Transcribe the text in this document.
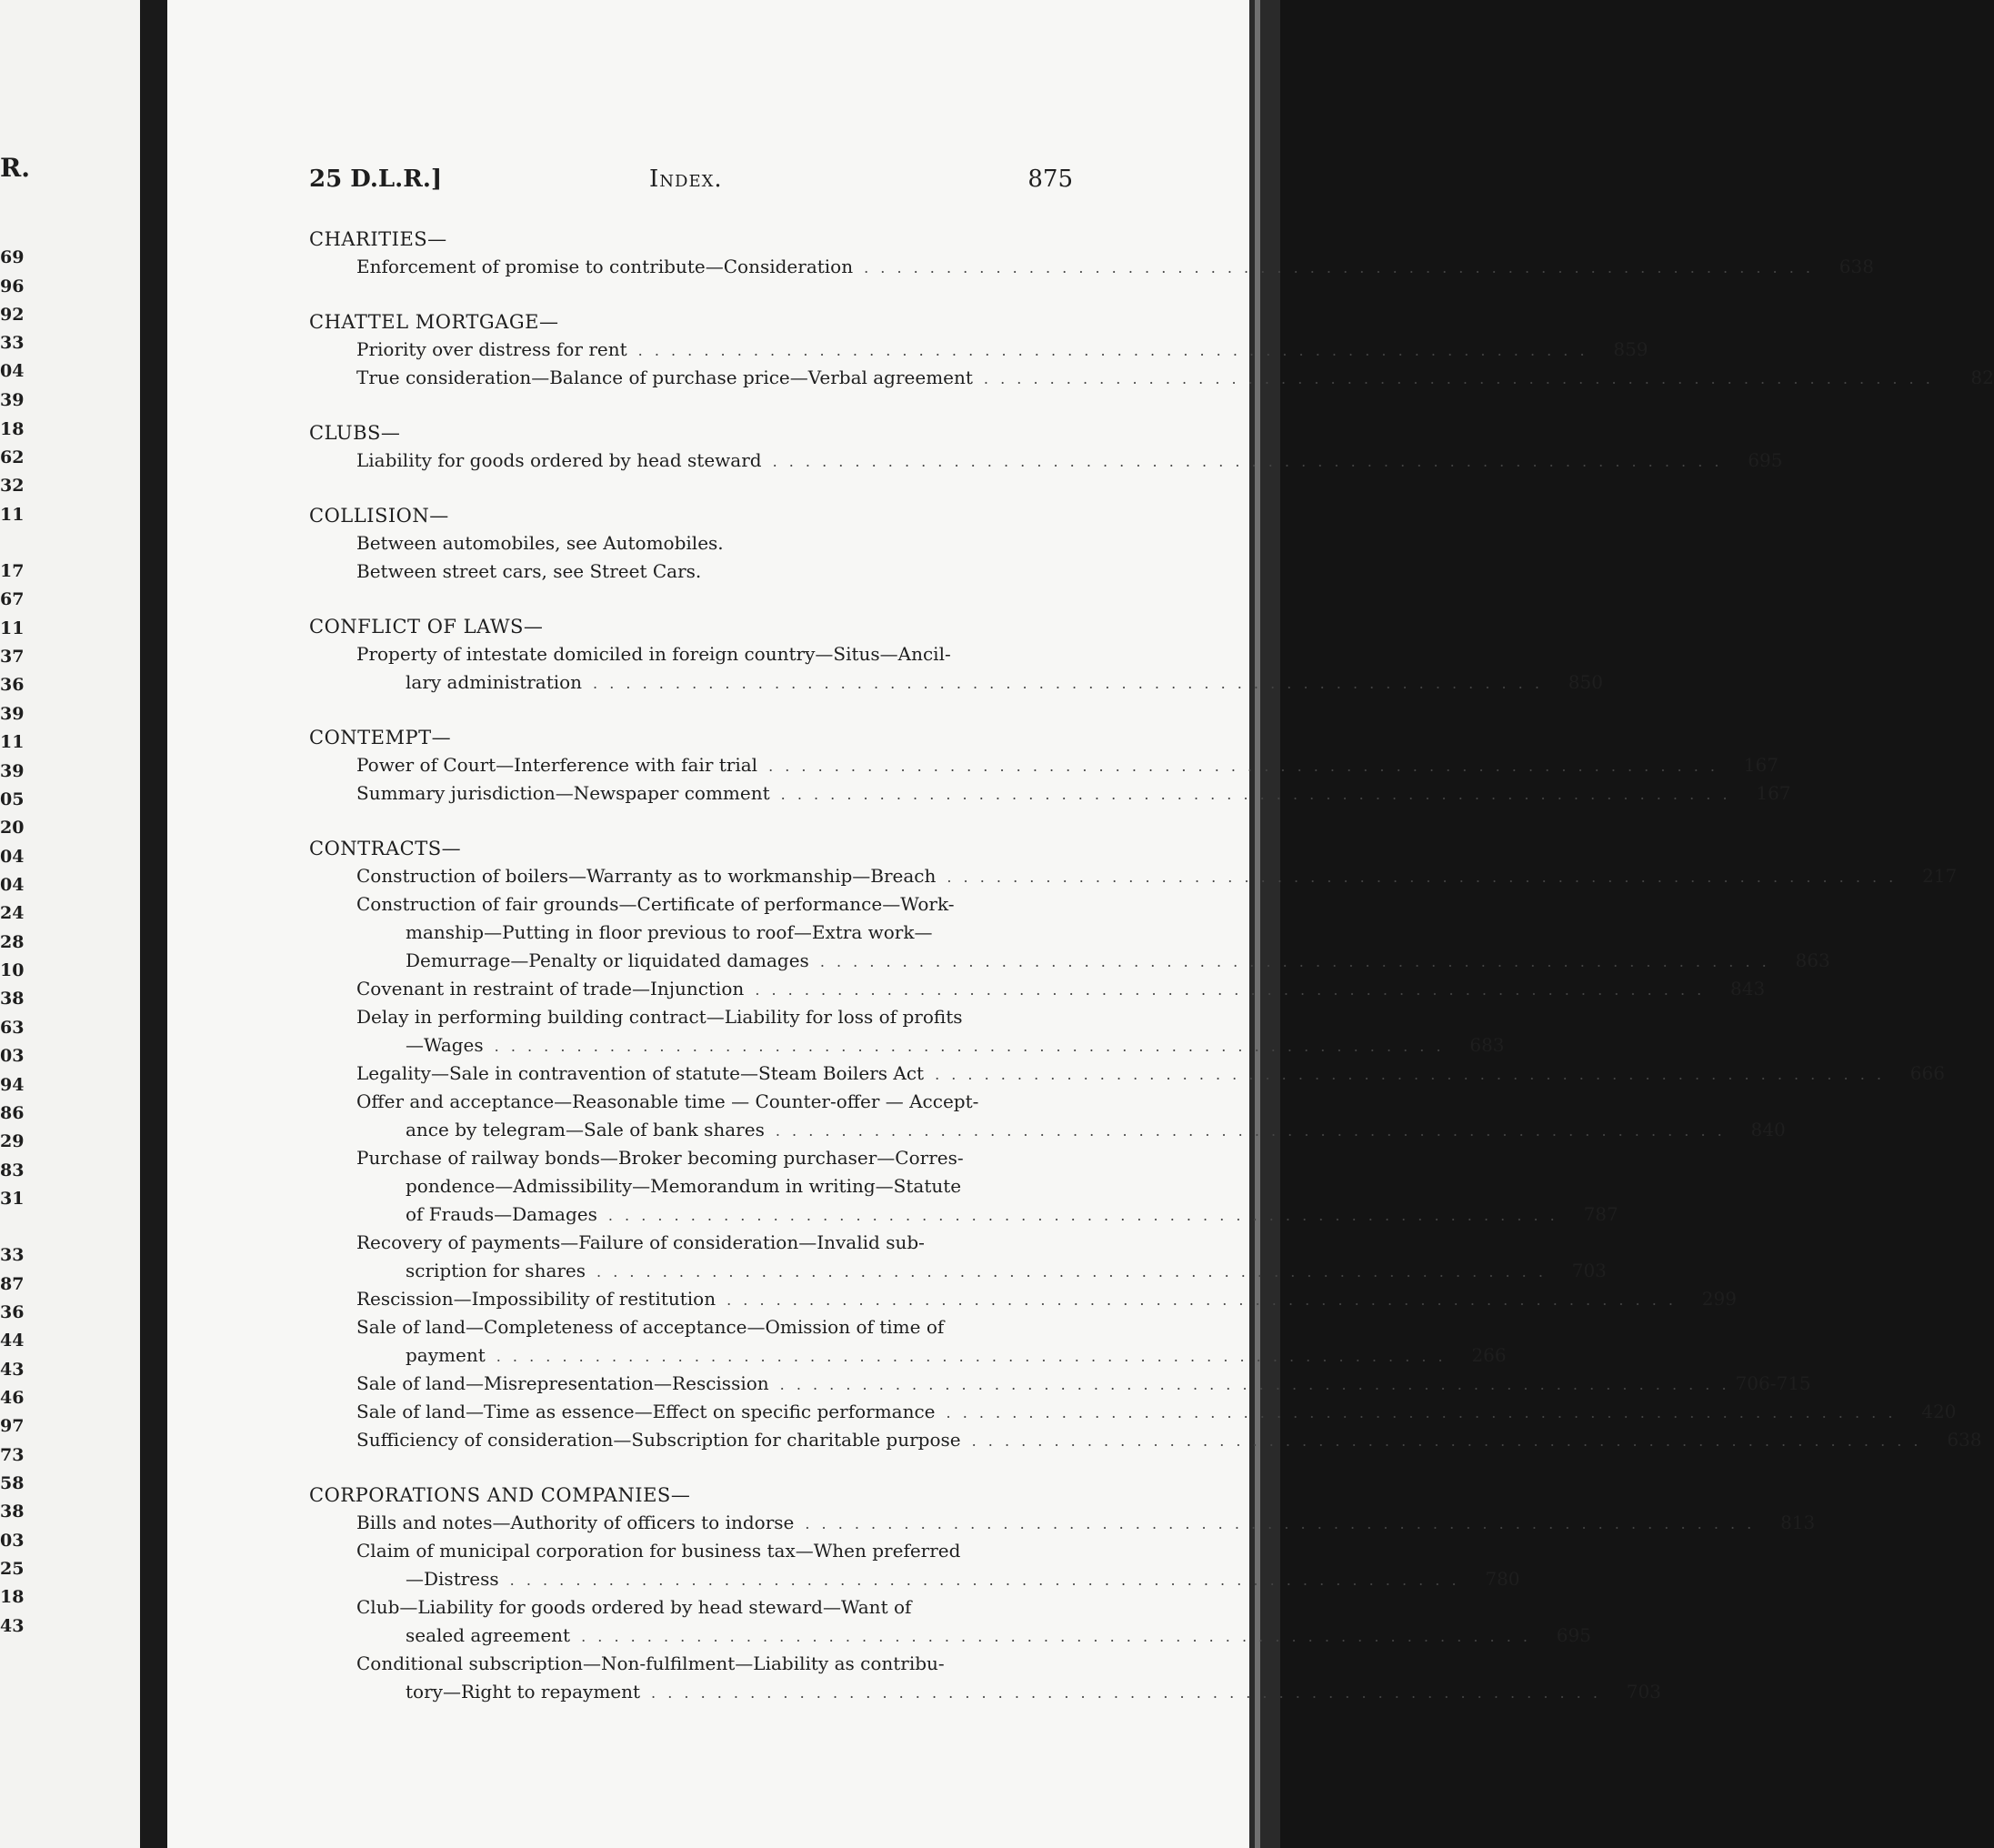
R.
69
96
92
33
04
39
18
62
32
11
17
67
11
37
36
39
11
39
05
20
04
04
24
28
10
38
63
03
94
86
29
83
31
33
87
36
44
43
46
97
73
58
38
03
25
18
43
25 D.L.R.]	Index.	875
CHARITIES—
Enforcement of promise to contribute—Consideration . . . . . . . . . . . . . . . . . . . . . . . . . . . . . . . . . . . . . . . . . . . . . . . . . . . . . . . . . .	638
CHATTEL MORTGAGE—
Priority over distress for rent . . . . . . . . . . . . . . . . . . . . . . . . . . . . . . . . . . . . . . . . . . . . . . . . . . . . . . . . . .	859
True consideration—Balance of purchase price—Verbal agreement . . . . . . . . . . . . . . . . . . . . . . . . . . . . . . . . . . . . . . . . . . . . . . . . . . . . . . . . . .	82
CLUBS—
Liability for goods ordered by head steward . . . . . . . . . . . . . . . . . . . . . . . . . . . . . . . . . . . . . . . . . . . . . . . . . . . . . . . . . .	695
COLLISION—
Between automobiles, see Automobiles.
Between street cars, see Street Cars.
CONFLICT OF LAWS—
Property of intestate domiciled in foreign country—Situs—Ancil-
lary administration . . . . . . . . . . . . . . . . . . . . . . . . . . . . . . . . . . . . . . . . . . . . . . . . . . . . . . . . . .	850
CONTEMPT—
Power of Court—Interference with fair trial . . . . . . . . . . . . . . . . . . . . . . . . . . . . . . . . . . . . . . . . . . . . . . . . . . . . . . . . . .	167
Summary jurisdiction—Newspaper comment . . . . . . . . . . . . . . . . . . . . . . . . . . . . . . . . . . . . . . . . . . . . . . . . . . . . . . . . . .	167
CONTRACTS—
Construction of boilers—Warranty as to workmanship—Breach . . . . . . . . . . . . . . . . . . . . . . . . . . . . . . . . . . . . . . . . . . . . . . . . . . . . . . . . . .	217
Construction of fair grounds—Certificate of performance—Work-
manship—Putting in floor previous to roof—Extra work—
Demurrage—Penalty or liquidated damages . . . . . . . . . . . . . . . . . . . . . . . . . . . . . . . . . . . . . . . . . . . . . . . . . . . . . . . . . .	863
Covenant in restraint of trade—Injunction . . . . . . . . . . . . . . . . . . . . . . . . . . . . . . . . . . . . . . . . . . . . . . . . . . . . . . . . . .	843
Delay in performing building contract—Liability for loss of profits
—Wages . . . . . . . . . . . . . . . . . . . . . . . . . . . . . . . . . . . . . . . . . . . . . . . . . . . . . . . . . .	683
Legality—Sale in contravention of statute—Steam Boilers Act . . . . . . . . . . . . . . . . . . . . . . . . . . . . . . . . . . . . . . . . . . . . . . . . . . . . . . . . . .	666
Offer and acceptance—Reasonable time — Counter-offer — Accept-
ance by telegram—Sale of bank shares . . . . . . . . . . . . . . . . . . . . . . . . . . . . . . . . . . . . . . . . . . . . . . . . . . . . . . . . . .	840
Purchase of railway bonds—Broker becoming purchaser—Corres-
pondence—Admissibility—Memorandum in writing—Statute
of Frauds—Damages . . . . . . . . . . . . . . . . . . . . . . . . . . . . . . . . . . . . . . . . . . . . . . . . . . . . . . . . . .	787
Recovery of payments—Failure of consideration—Invalid sub-
scription for shares . . . . . . . . . . . . . . . . . . . . . . . . . . . . . . . . . . . . . . . . . . . . . . . . . . . . . . . . . .	703
Rescission—Impossibility of restitution . . . . . . . . . . . . . . . . . . . . . . . . . . . . . . . . . . . . . . . . . . . . . . . . . . . . . . . . . .	299
Sale of land—Completeness of acceptance—Omission of time of
payment . . . . . . . . . . . . . . . . . . . . . . . . . . . . . . . . . . . . . . . . . . . . . . . . . . . . . . . . . .	266
Sale of land—Misrepresentation—Rescission . . . . . . . . . . . . . . . . . . . . . . . . . . . . . . . . . . . . . . . . . . . . . . . . . . . . . . . . . . 706-715
Sale of land—Time as essence—Effect on specific performance . . . . . . . . . . . . . . . . . . . . . . . . . . . . . . . . . . . . . . . . . . . . . . . . . . . . . . . . . .	420
Sufficiency of consideration—Subscription for charitable purpose . . . . . . . . . . . . . . . . . . . . . . . . . . . . . . . . . . . . . . . . . . . . . . . . . . . . . . . . . .	638
CORPORATIONS AND COMPANIES—
Bills and notes—Authority of officers to indorse . . . . . . . . . . . . . . . . . . . . . . . . . . . . . . . . . . . . . . . . . . . . . . . . . . . . . . . . . .	813
Claim of municipal corporation for business tax—When preferred
—Distress . . . . . . . . . . . . . . . . . . . . . . . . . . . . . . . . . . . . . . . . . . . . . . . . . . . . . . . . . .	780
Club—Liability for goods ordered by head steward—Want of
sealed agreement . . . . . . . . . . . . . . . . . . . . . . . . . . . . . . . . . . . . . . . . . . . . . . . . . . . . . . . . . .	695
Conditional subscription—Non-fulfilment—Liability as contribu-
tory—Right to repayment . . . . . . . . . . . . . . . . . . . . . . . . . . . . . . . . . . . . . . . . . . . . . . . . . . . . . . . . . .	703
